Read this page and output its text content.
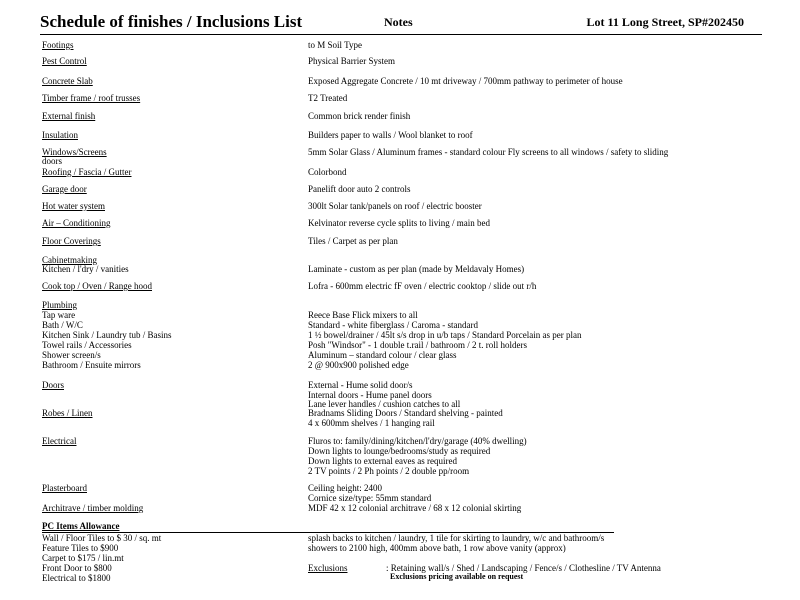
Schedule of finishes / Inclusions List	Notes	Lot 11 Long Street, SP#202450
Footings	to M Soil Type
Pest Control	Physical Barrier System
Concrete Slab	Exposed Aggregate Concrete / 10 mt driveway / 700mm pathway to perimeter of house
Timber frame / roof trusses	T2 Treated
External finish	Common brick render finish
Insulation	Builders paper to walls / Wool blanket to roof
Windows/Screens	5mm Solar Glass / Aluminum frames - standard colour Fly screens to all windows / safety to sliding
doors
Roofing / Fascia / Gutter	Colorbond
Garage door	Panelift door auto 2 controls
Hot water system	300lt Solar tank/panels on roof / electric booster
Air – Conditioning	Kelvinator reverse cycle splits to living / main bed
Floor Coverings	Tiles / Carpet as per plan
Cabinetmaking
Kitchen / l'dry / vanities	Laminate - custom as per plan (made by Meldavaly Homes)
Cook top / Oven / Range hood	Lofra - 600mm electric fF oven / electric cooktop / slide out r/h
Plumbing
Tap ware	Reece Base Flick mixers to all
Bath / W/C	Standard - white fiberglass / Caroma - standard
Kitchen Sink / Laundry tub / Basins	1 ½ bowel/drainer / 45lt s/s drop in u/b taps / Standard Porcelain as per plan
Towel rails / Accessories	Posh "Windsor" - 1 double t.rail / bathroom / 2 t. roll holders
Shower screen/s	Aluminum – standard colour / clear glass
Bathroom / Ensuite mirrors	2 @ 900x900 polished edge
Doors	External - Hume solid door/s
Internal doors - Hume panel doors
Lane lever handles / cushion catches to all
Robes / Linen	Bradnams Sliding Doors / Standard shelving - painted
4 x 600mm shelves / 1 hanging rail
Electrical	Fluros to: family/dining/kitchen/l'dry/garage (40% dwelling)
Down lights to lounge/bedrooms/study as required
Down lights to external eaves as required
2 TV points / 2 Ph points / 2 double pp/room
Plasterboard	Ceiling height: 2400
Cornice size/type: 55mm standard
Architrave / timber molding	MDF 42 x 12 colonial architrave / 68 x 12 colonial skirting
PC Items Allowance
Wall / Floor Tiles to $ 30 / sq. mt	splash backs to kitchen / laundry, 1 tile for skirting to laundry, w/c and bathroom/s
Feature Tiles to $900	showers to 2100 high, 400mm above bath, 1 row above vanity (approx)
Carpet to $175 / lin.mt
Front Door to $800	Exclusions	: Retaining wall/s / Shed / Landscaping / Fence/s / Clothesline / TV Antenna
Electrical to $1800	Exclusions pricing available on request
